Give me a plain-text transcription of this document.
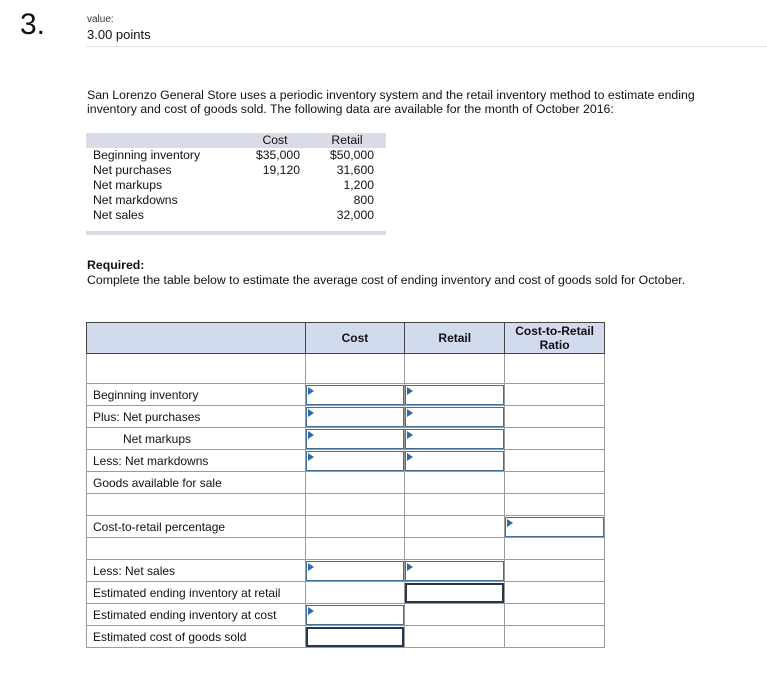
3.	value:
3.00 points
San Lorenzo General Store uses a periodic inventory system and the retail inventory method to estimate ending inventory and cost of goods sold. The following data are available for the month of October 2016:
	Cost	Retail
Beginning inventory	$35,000	$50,000
Net purchases	19,120	31,600
Net markups		1,200
Net markdowns		800
Net sales		32,000
Required:
Complete the table below to estimate the average cost of ending inventory and cost of goods sold for October.
	Cost	Retail	Cost-to-Retail Ratio

Beginning inventory	

Plus: Net purchases	

Net markups	

Less: Net markdowns	

Goods available for sale			

Cost-to-retail percentage			

Less: Net sales	

Estimated ending inventory at retail		

Estimated ending inventory at cost	

Estimated cost of goods sold	
